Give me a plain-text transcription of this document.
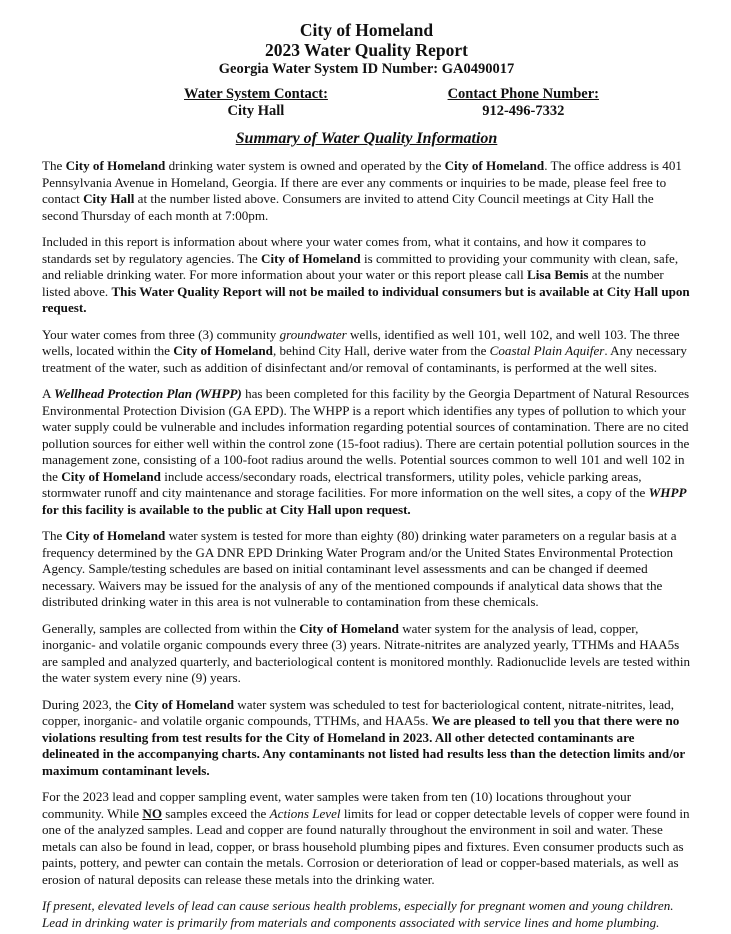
City of Homeland
2023 Water Quality Report
Georgia Water System ID Number: GA0490017
Water System Contact:
City Hall
Contact Phone Number:
912-496-7332
Summary of Water Quality Information

The City of Homeland drinking water system is owned and operated by the City of Homeland. The office address is 401 Pennsylvania Avenue in Homeland, Georgia. If there are ever any comments or inquiries to be made, please feel free to contact City Hall at the number listed above. Consumers are invited to attend City Council meetings at City Hall the second Thursday of each month at 7:00pm.

Included in this report is information about where your water comes from, what it contains, and how it compares to standards set by regulatory agencies. The City of Homeland is committed to providing your community with clean, safe, and reliable drinking water. For more information about your water or this report please call Lisa Bemis at the number listed above. This Water Quality Report will not be mailed to individual consumers but is available at City Hall upon request.

Your water comes from three (3) community groundwater wells, identified as well 101, well 102, and well 103. The three wells, located within the City of Homeland, behind City Hall, derive water from the Coastal Plain Aquifer. Any necessary treatment of the water, such as addition of disinfectant and/or removal of contaminants, is performed at the well sites.

A Wellhead Protection Plan (WHPP) has been completed for this facility by the Georgia Department of Natural Resources Environmental Protection Division (GA EPD). The WHPP is a report which identifies any types of pollution to which your water supply could be vulnerable and includes information regarding potential sources of contamination. There are no cited pollution sources for either well within the control zone (15-foot radius). There are certain potential pollution sources in the management zone, consisting of a 100-foot radius around the wells. Potential sources common to well 101 and well 102 in the City of Homeland include access/secondary roads, electrical transformers, utility poles, vehicle parking areas, stormwater runoff and city maintenance and storage facilities. For more information on the well sites, a copy of the WHPP for this facility is available to the public at City Hall upon request.

The City of Homeland water system is tested for more than eighty (80) drinking water parameters on a regular basis at a frequency determined by the GA DNR EPD Drinking Water Program and/or the United States Environmental Protection Agency. Sample/testing schedules are based on initial contaminant level assessments and can be changed if deemed necessary. Waivers may be issued for the analysis of any of the mentioned compounds if analytical data shows that the distributed drinking water in this area is not vulnerable to contamination from these chemicals.

Generally, samples are collected from within the City of Homeland water system for the analysis of lead, copper, inorganic- and volatile organic compounds every three (3) years. Nitrate-nitrites are analyzed yearly, TTHMs and HAA5s are sampled and analyzed quarterly, and bacteriological content is monitored monthly. Radionuclide levels are tested within the water system every nine (9) years.

During 2023, the City of Homeland water system was scheduled to test for bacteriological content, nitrate-nitrites, lead, copper, inorganic- and volatile organic compounds, TTHMs, and HAA5s. We are pleased to tell you that there were no violations resulting from test results for the City of Homeland in 2023. All other detected contaminants are delineated in the accompanying charts. Any contaminants not listed had results less than the detection limits and/or maximum contaminant levels.

For the 2023 lead and copper sampling event, water samples were taken from ten (10) locations throughout your community. While NO samples exceed the Actions Level limits for lead or copper detectable levels of copper were found in one of the analyzed samples. Lead and copper are found naturally throughout the environment in soil and water. These metals can also be found in lead, copper, or brass household plumbing pipes and fixtures. Even consumer products such as paints, pottery, and pewter can contain the metals. Corrosion or deterioration of lead or copper-based materials, as well as erosion of natural deposits can release these metals into the drinking water.

If present, elevated levels of lead can cause serious health problems, especially for pregnant women and young children. Lead in drinking water is primarily from materials and components associated with service lines and home plumbing.
